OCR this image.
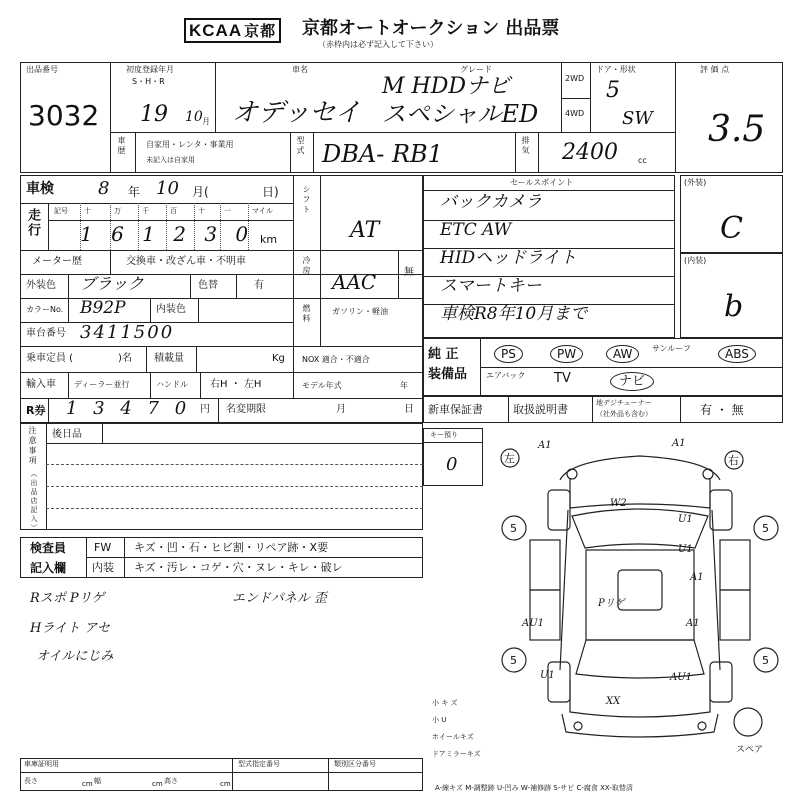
KCAA 京都 京都オートオークション 出品票
（赤枠内は必ず記入して下さい）
出品番号
3032
初度登録年月
S・H・R
19 10 月
車名
オデッセイ
グレード
M HDDナビ
スペシャルED
2WD
4WD
ドア・形状
5
SW
評 価 点
3.5
車歴	自家用・レンタ・事業用
未記入は自家用
型式 DBA- RB1	排気 2400	cc
車検 8 年 10 月(	日)
走行 記号 十	万	千	百	十	一	マイル
1 6 1 2 3 0 km
メーター歴	交換車・改ざん車・不明車
外装色 ブラック	色替	有
カラーNo. B92P	内装色
車台番号 3411500
乗車定員 (	)名 積載量	Kg
輸入車 ディーラー並行	ハンドル 右H ・ 左H
R券 1 3 4 7 0 円 名変期限	月	日
シフト
AT
冷房
AAC	無
燃料	ガソリン・軽油
NOX 適合・不適合
モデル年式	年
セールスポイント
バックカメラ
ETC AW
HIDヘッドライト
スマートキー
車検R8年10月まで
(外装)
C
(内装)
b
純 正
装備品
PS	PW	AW	サンルーフ	ABS
エアバック TV	ナビ
新車保証書	取扱説明書	地デジチューナー
（社外品も含む）	有 ・ 無
注意事項
（出品店記入）
後日品	キー預り
0
検査員
記入欄
FW キズ・凹・石・ヒビ割・リペア跡・X要
内装 キズ・汚レ・コゲ・穴・ヌレ・キレ・破レ
Rスポ Pリゲ	エンドパネル 歪
Hライト アセ
オイルにじみ
左	右
5	5
5	5
スペア
A1	A1
W2
U1
U1
A1
AU1	A1
Pリゲ
U1	AU1
XX
小 キ ズ
小 U
ホイールキズ
ドアミラーキズ
A-線キズ M-調整跡 U-凹み W-補修跡 S-サビ C-腐食 XX-取替済
車庫証明用
長さ	cm 幅	cm 高さ	cm
型式指定番号	類別区分番号
